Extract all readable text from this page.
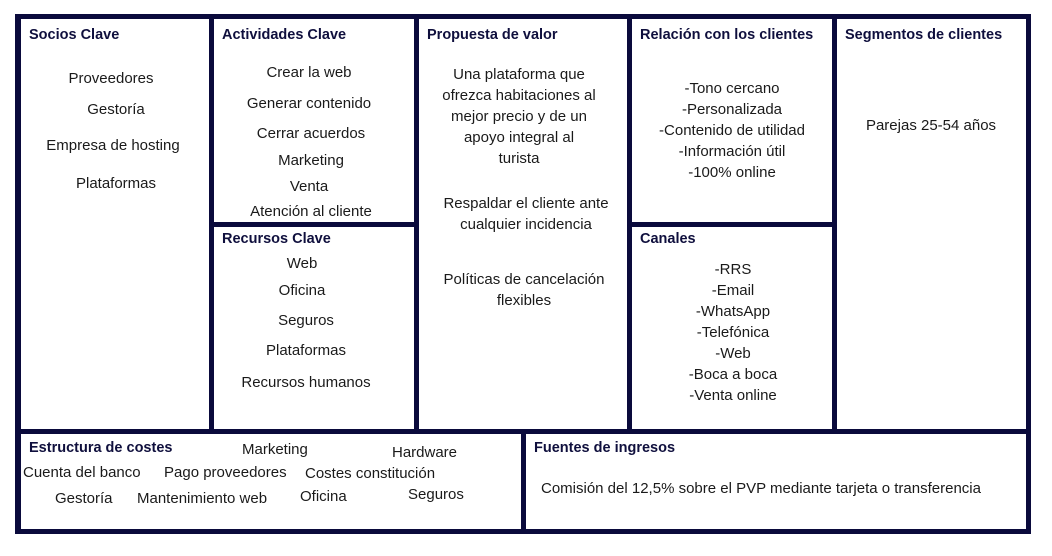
Socios Clave
Proveedores
Gestoría
Empresa de hosting
Plataformas
Actividades Clave
Crear la web
Generar contenido
Cerrar acuerdos
Marketing
Venta
Atención al cliente
Recursos Clave
Web
Oficina
Seguros
Plataformas
Recursos humanos
Propuesta de valor
Una plataforma que
ofrezca habitaciones al
mejor precio y de un
apoyo integral al
turista
Respaldar el cliente ante
cualquier incidencia
Políticas de cancelación
flexibles
Relación con los clientes
-Tono cercano
-Personalizada
-Contenido de utilidad
-Información útil
-100% online
Canales
-RRS
-Email
-WhatsApp
-Telefónica
-Web
-Boca a boca
-Venta online
Segmentos de clientes
Parejas 25-54 años
Estructura de costes	Marketing	Hardware
Cuenta del banco Pago proveedores Costes constitución
Gestoría Mantenimiento web Oficina	Seguros
Fuentes de ingresos
Comisión del 12,5% sobre el PVP mediante tarjeta o transferencia
